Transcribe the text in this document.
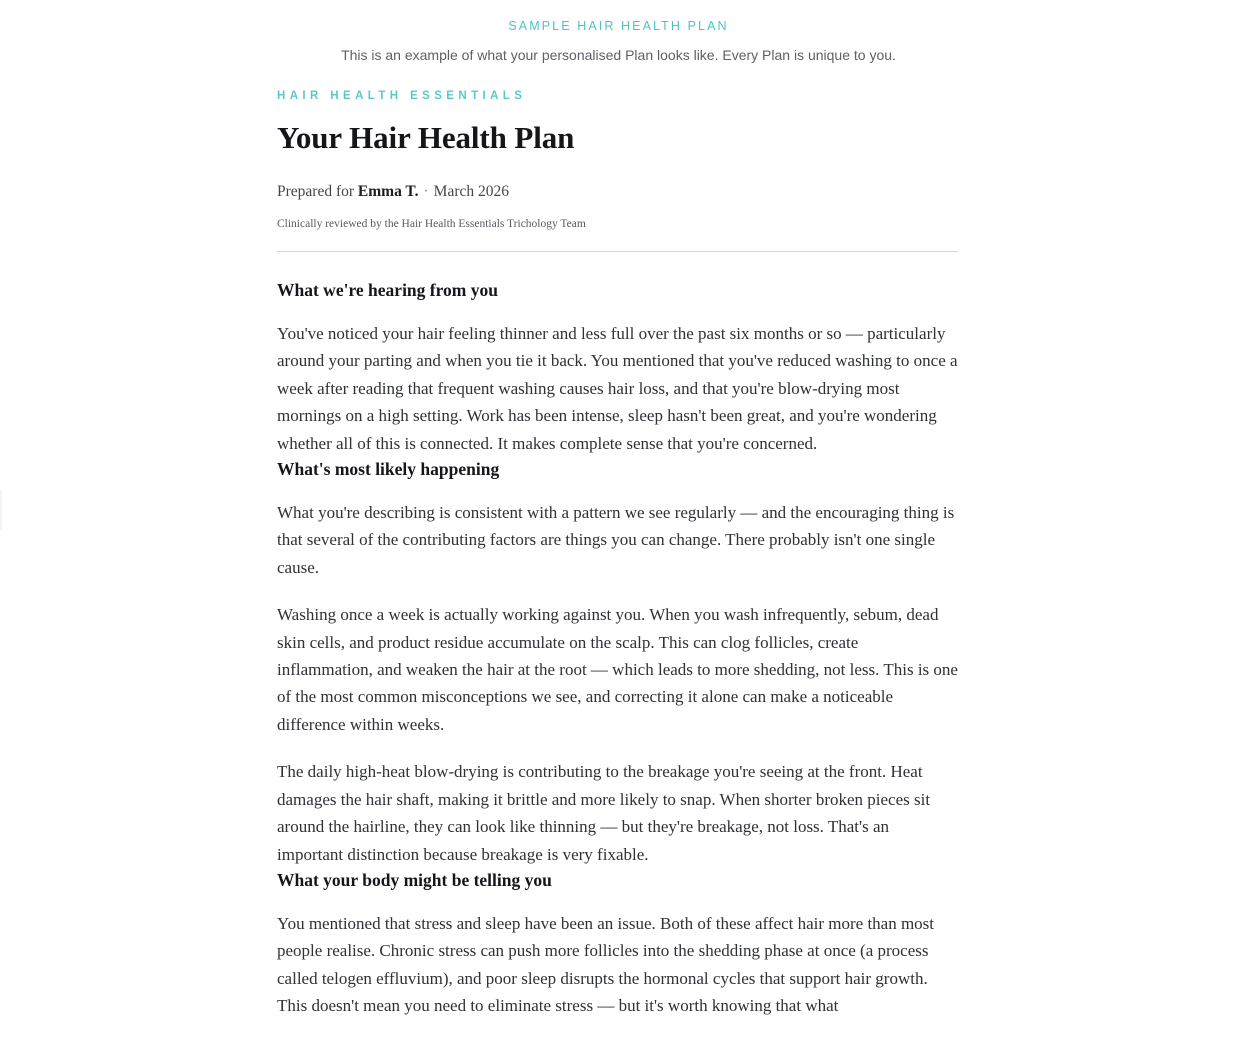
SAMPLE HAIR HEALTH PLAN
This is an example of what your personalised Plan looks like. Every Plan is unique to you.
HAIR HEALTH ESSENTIALS
Your Hair Health Plan
Prepared for Emma T. · March 2026
Clinically reviewed by the Hair Health Essentials Trichology Team
What we're hearing from you

You've noticed your hair feeling thinner and less full over the past six months or so — particularly around your parting and when you tie it back. You mentioned that you've reduced washing to once a week after reading that frequent washing causes hair loss, and that you're blow-drying most mornings on a high setting. Work has been intense, sleep hasn't been great, and you're wondering whether all of this is connected. It makes complete sense that you're concerned.

What's most likely happening

What you're describing is consistent with a pattern we see regularly — and the encouraging thing is that several of the contributing factors are things you can change. There probably isn't one single cause.

Washing once a week is actually working against you. When you wash infrequently, sebum, dead skin cells, and product residue accumulate on the scalp. This can clog follicles, create inflammation, and weaken the hair at the root — which leads to more shedding, not less. This is one of the most common misconceptions we see, and correcting it alone can make a noticeable difference within weeks.

The daily high-heat blow-drying is contributing to the breakage you're seeing at the front. Heat damages the hair shaft, making it brittle and more likely to snap. When shorter broken pieces sit around the hairline, they can look like thinning — but they're breakage, not loss. That's an important distinction because breakage is very fixable.

What your body might be telling you

You mentioned that stress and sleep have been an issue. Both of these affect hair more than most people realise. Chronic stress can push more follicles into the shedding phase at once (a process called telogen effluvium), and poor sleep disrupts the hormonal cycles that support hair growth. This doesn't mean you need to eliminate stress — but it's worth knowing that what
